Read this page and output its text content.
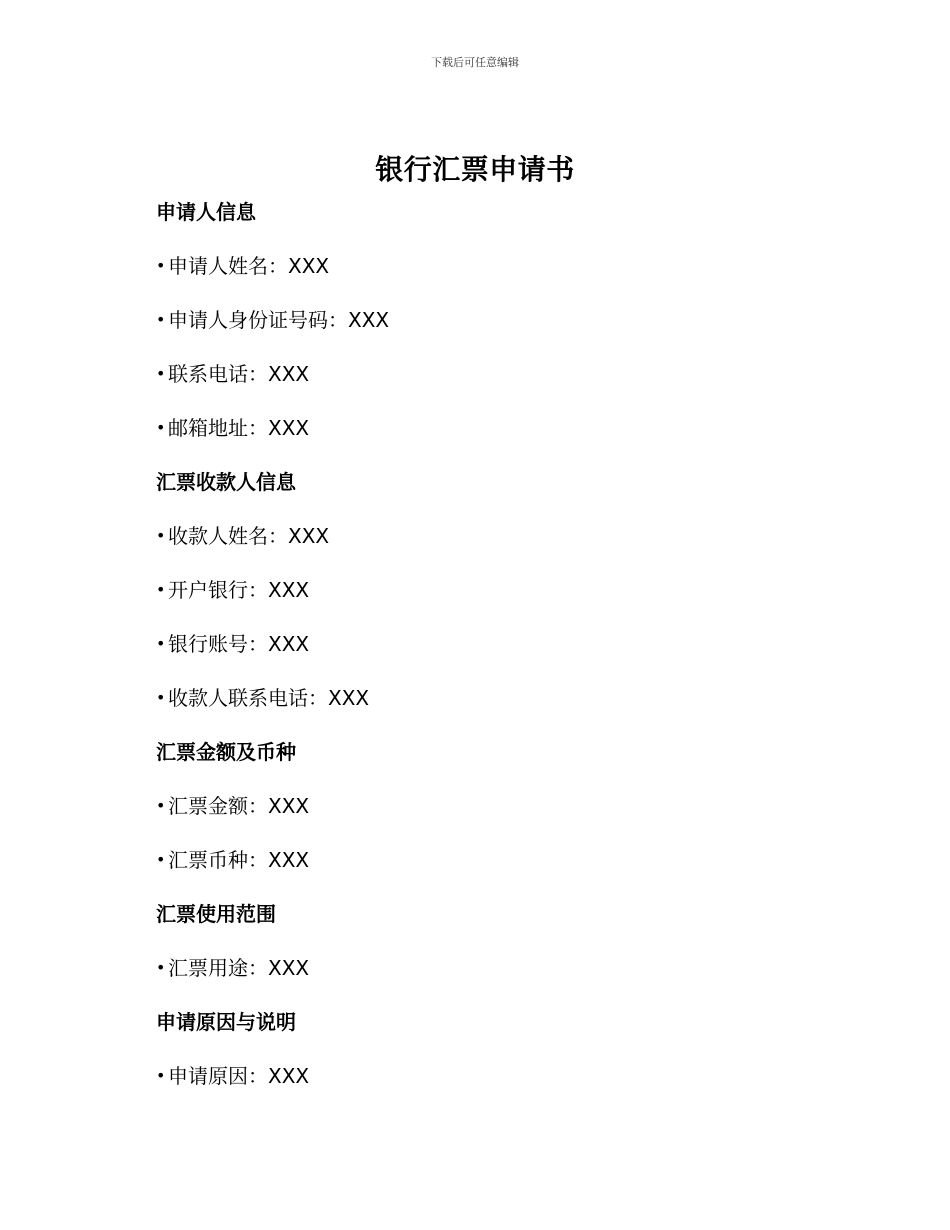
下载后可任意编辑
银行汇票申请书
申请人信息
• 申请人姓名 ： XXX
• 申请人身份证号码 ： XXX
• 联系电话 ： XXX
• 邮箱地址 ： XXX
汇票收款人信息
• 收款人姓名 ： XXX
• 开户银行 ： XXX
• 银行账号 ： XXX
• 收款人联系电话 ： XXX
汇票金额及币种
• 汇票金额 ： XXX
• 汇票币种 ： XXX
汇票使用范围
• 汇票用途 ： XXX
申请原因与说明
• 申请原因 ： XXX
